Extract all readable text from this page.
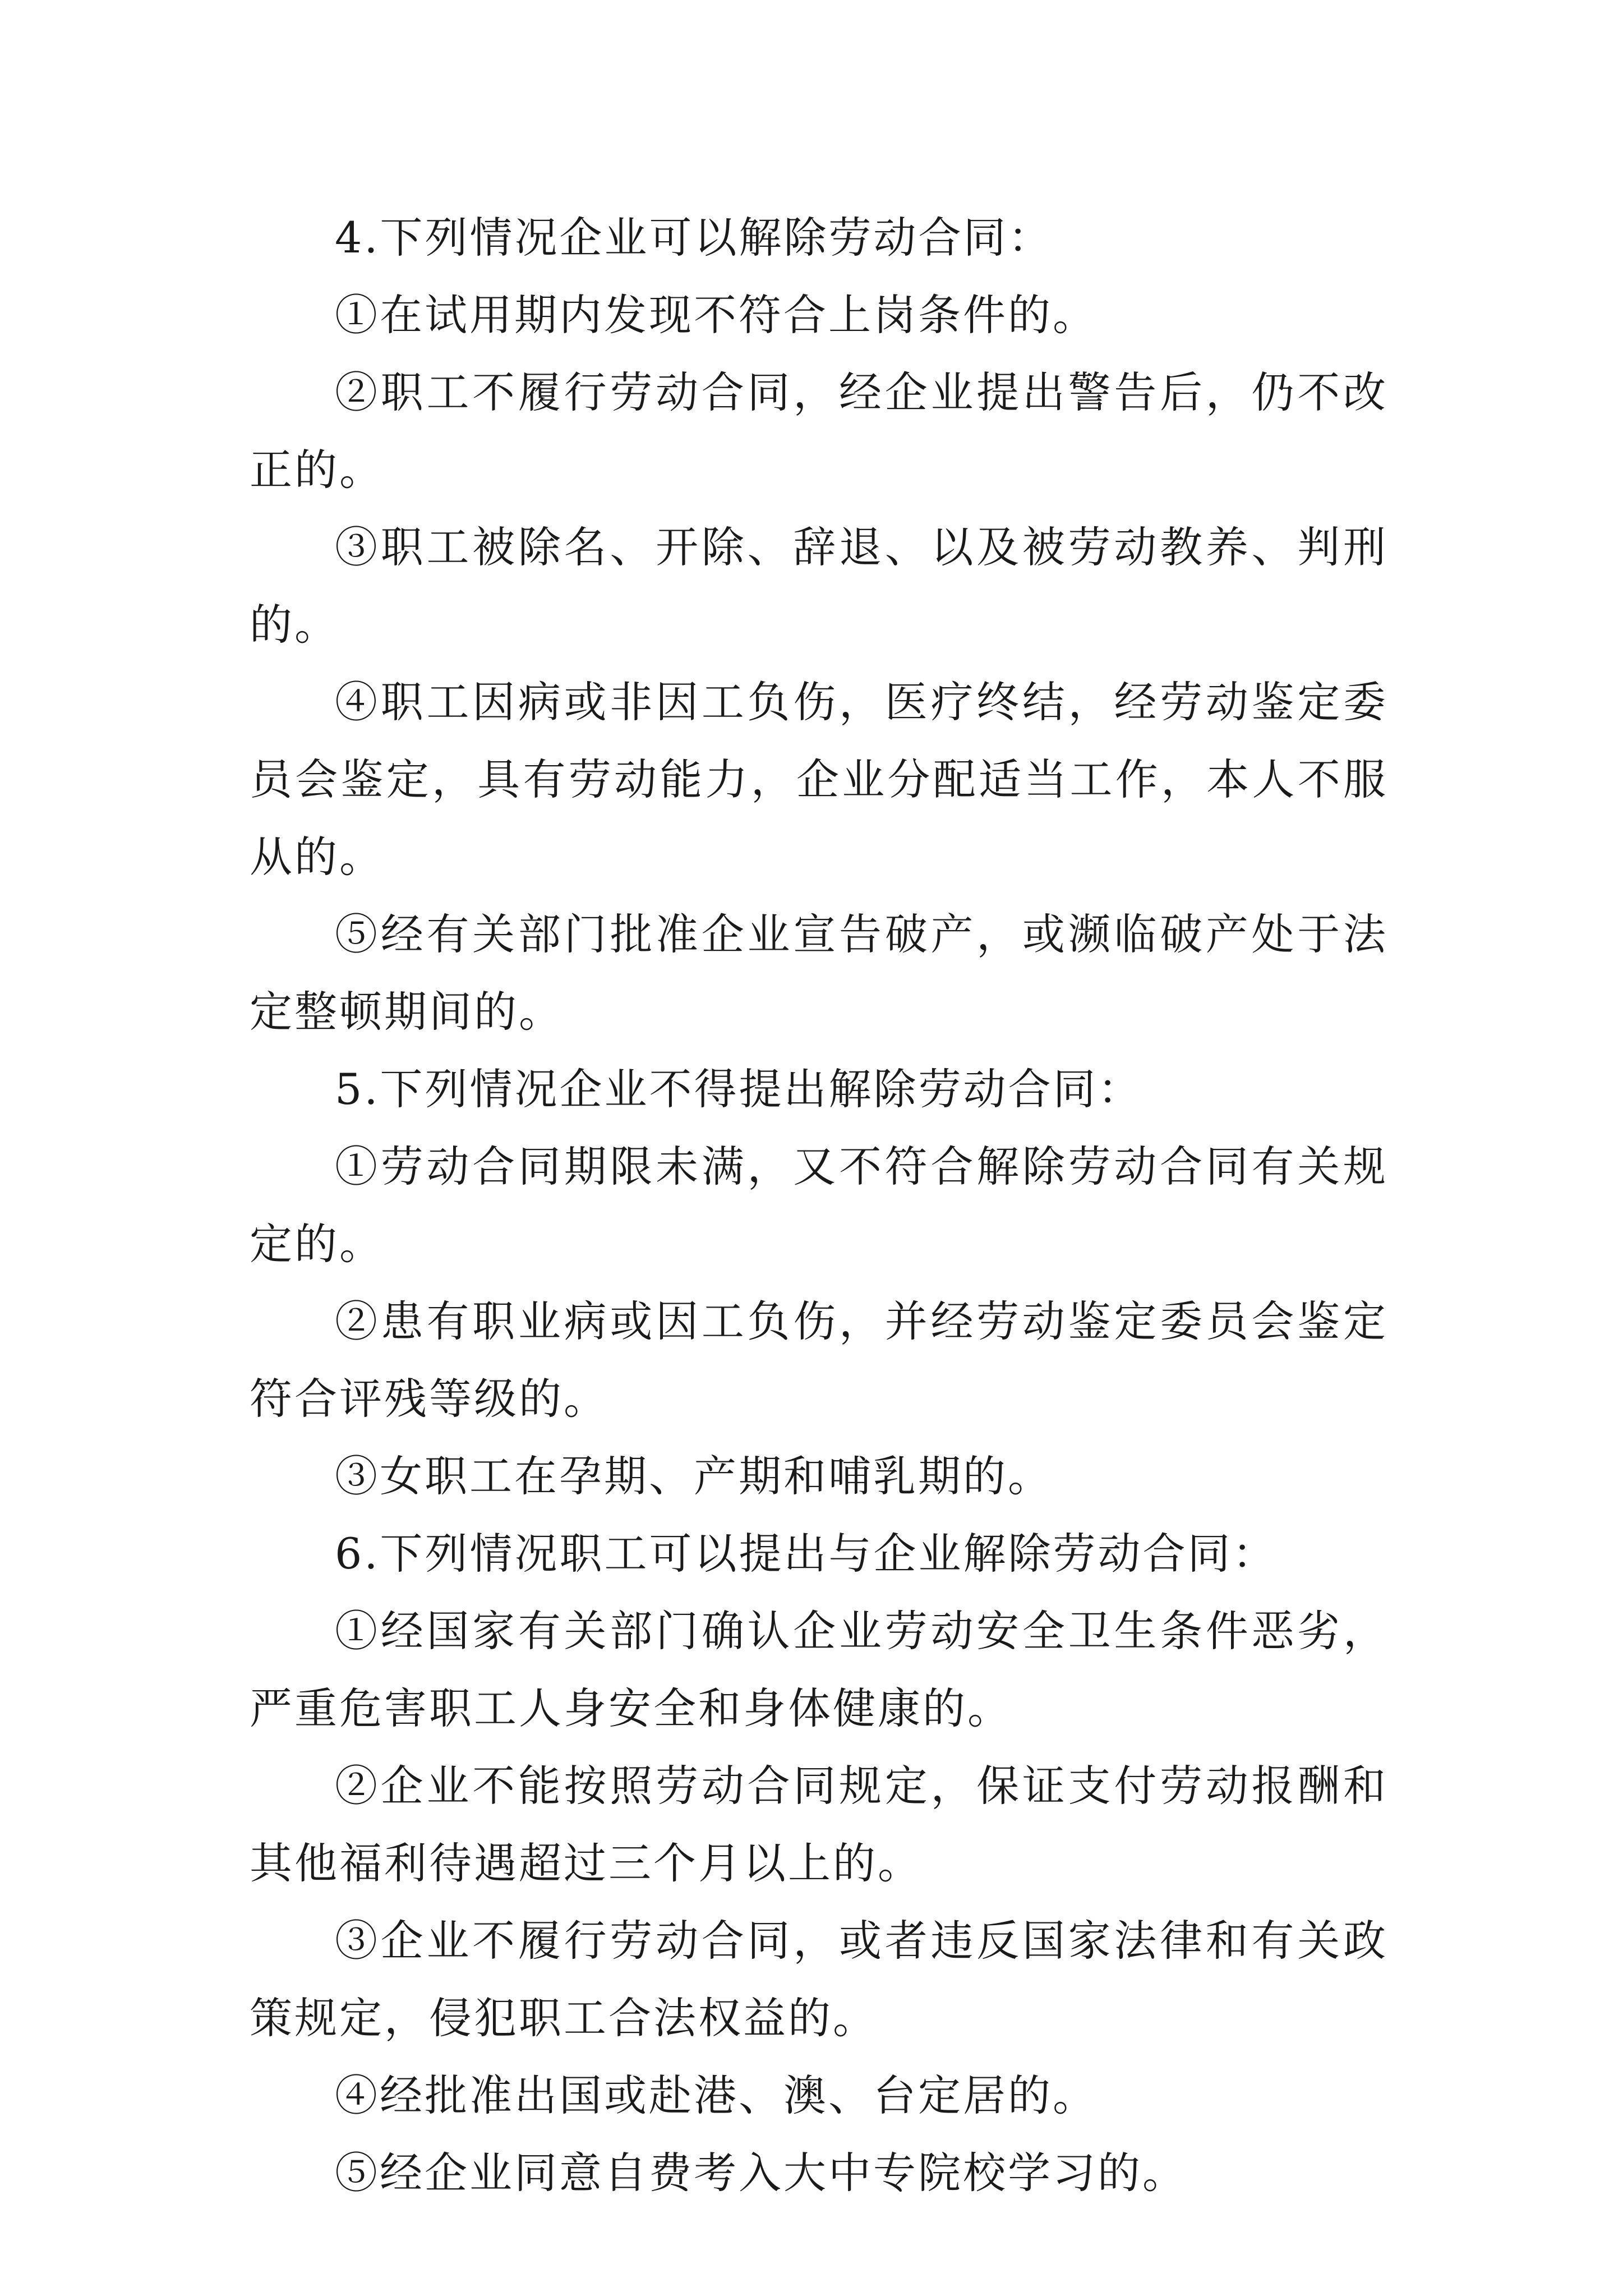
4.下列情况企业可以解除劳动合同：

①在试用期内发现不符合上岗条件的。

②职工不履行劳动合同，经企业提出警告后，仍不改正的。

③职工被除名、开除、辞退、以及被劳动教养、判刑的。

④职工因病或非因工负伤，医疗终结，经劳动鉴定委员会鉴定，具有劳动能力，企业分配适当工作，本人不服从的。

⑤经有关部门批准企业宣告破产，或濒临破产处于法定整顿期间的。

5.下列情况企业不得提出解除劳动合同：

①劳动合同期限未满，又不符合解除劳动合同有关规定的。

②患有职业病或因工负伤，并经劳动鉴定委员会鉴定符合评残等级的。

③女职工在孕期、产期和哺乳期的。

6.下列情况职工可以提出与企业解除劳动合同：

①经国家有关部门确认企业劳动安全卫生条件恶劣，严重危害职工人身安全和身体健康的。

②企业不能按照劳动合同规定，保证支付劳动报酬和其他福利待遇超过三个月以上的。

③企业不履行劳动合同，或者违反国家法律和有关政策规定，侵犯职工合法权益的。

④经批准出国或赴港、澳、台定居的。

⑤经企业同意自费考入大中专院校学习的。
